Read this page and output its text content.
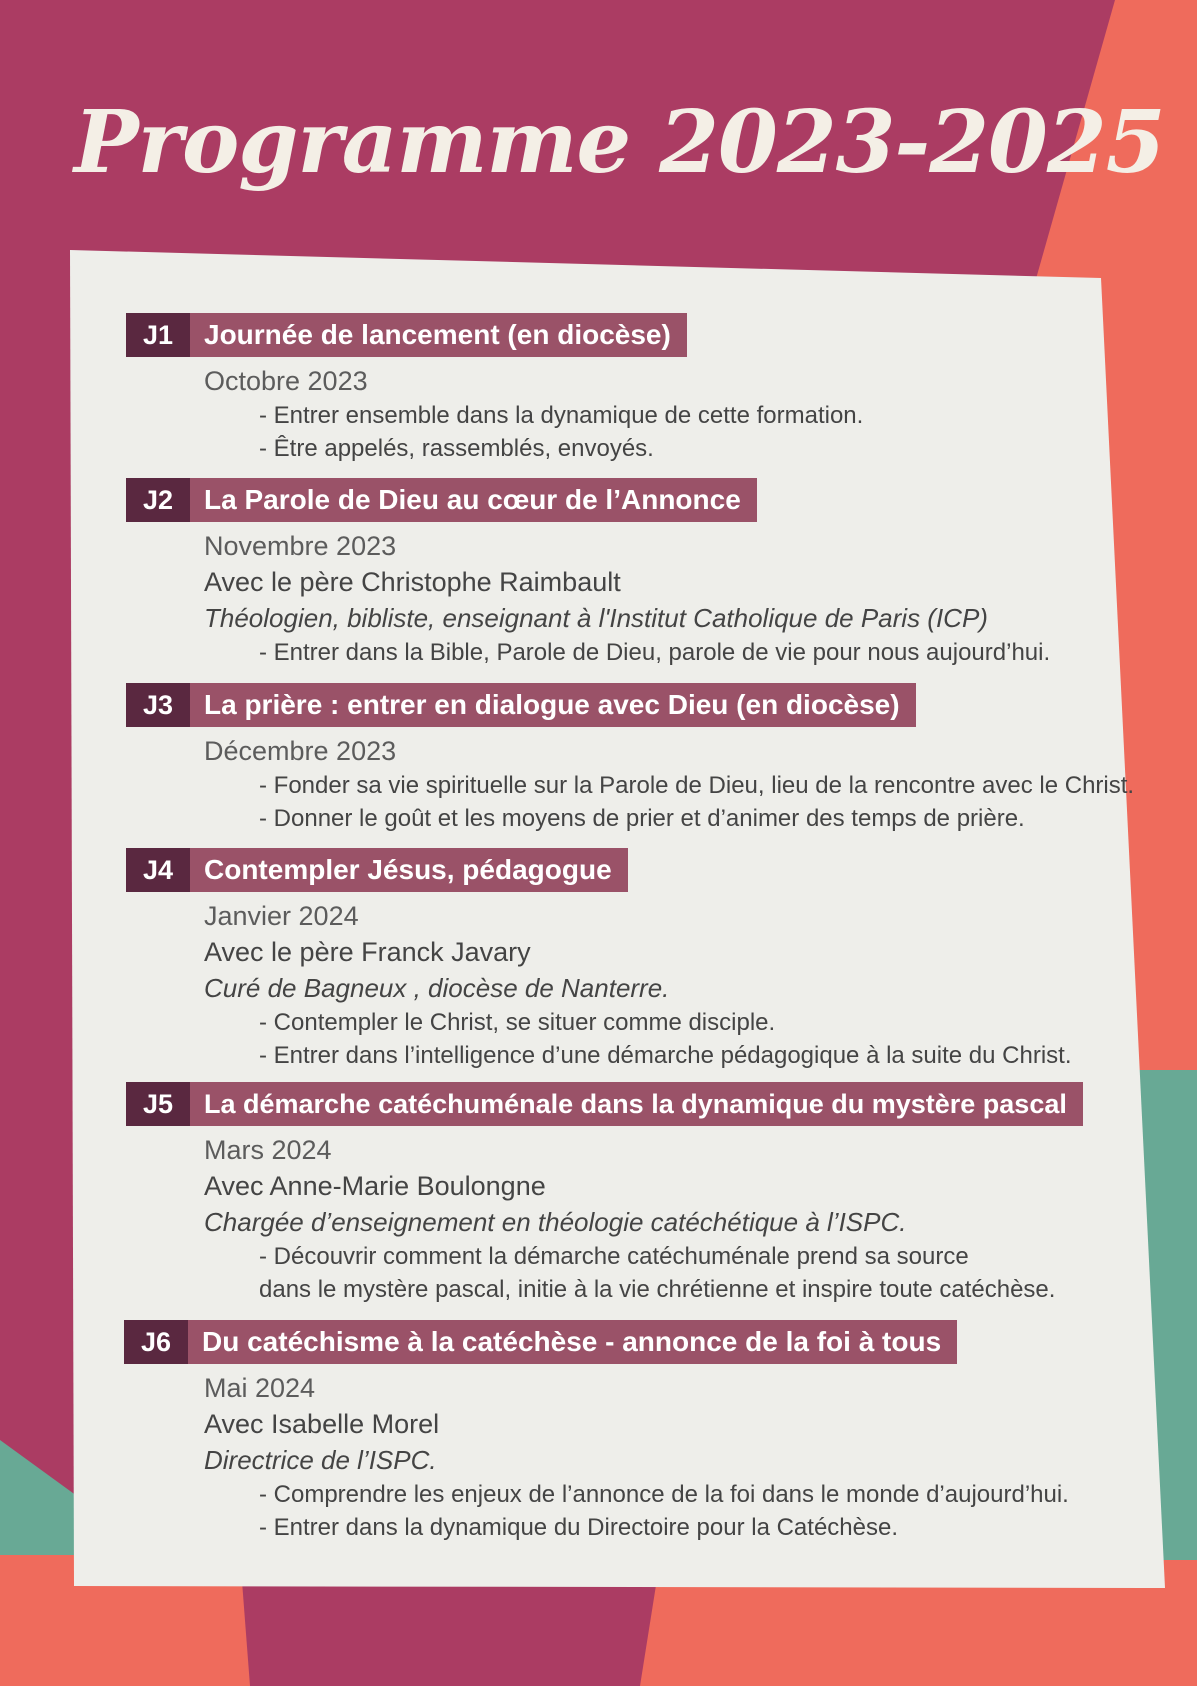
Programme 2023-2025
J1	Journée de lancement (en diocèse)
Octobre 2023
- Entrer ensemble dans la dynamique de cette formation.
- Être appelés, rassemblés, envoyés.
J2	La Parole de Dieu au cœur de l’Annonce
Novembre 2023
Avec le père Christophe Raimbault
Théologien, bibliste, enseignant à l'Institut Catholique de Paris (ICP)
- Entrer dans la Bible, Parole de Dieu, parole de vie pour nous aujourd’hui.
J3	La prière : entrer en dialogue avec Dieu (en diocèse)
Décembre 2023
- Fonder sa vie spirituelle sur la Parole de Dieu, lieu de la rencontre avec le Christ.
- Donner le goût et les moyens de prier et d’animer des temps de prière.
J4	Contempler Jésus, pédagogue
Janvier 2024
Avec le père Franck Javary
Curé de Bagneux , diocèse de Nanterre.
- Contempler le Christ, se situer comme disciple.
- Entrer dans l’intelligence d’une démarche pédagogique à la suite du Christ.
J5	La démarche catéchuménale dans la dynamique du mystère pascal
Mars 2024
Avec Anne-Marie Boulongne
Chargée d’enseignement en théologie catéchétique à l’ISPC.
- Découvrir comment la démarche catéchuménale prend sa source
dans le mystère pascal, initie à la vie chrétienne et inspire toute catéchèse.
J6	Du catéchisme à la catéchèse - annonce de la foi à tous
Mai 2024
Avec Isabelle Morel
Directrice de l’ISPC.
- Comprendre les enjeux de l’annonce de la foi dans le monde d’aujourd’hui.
- Entrer dans la dynamique du Directoire pour la Catéchèse.
